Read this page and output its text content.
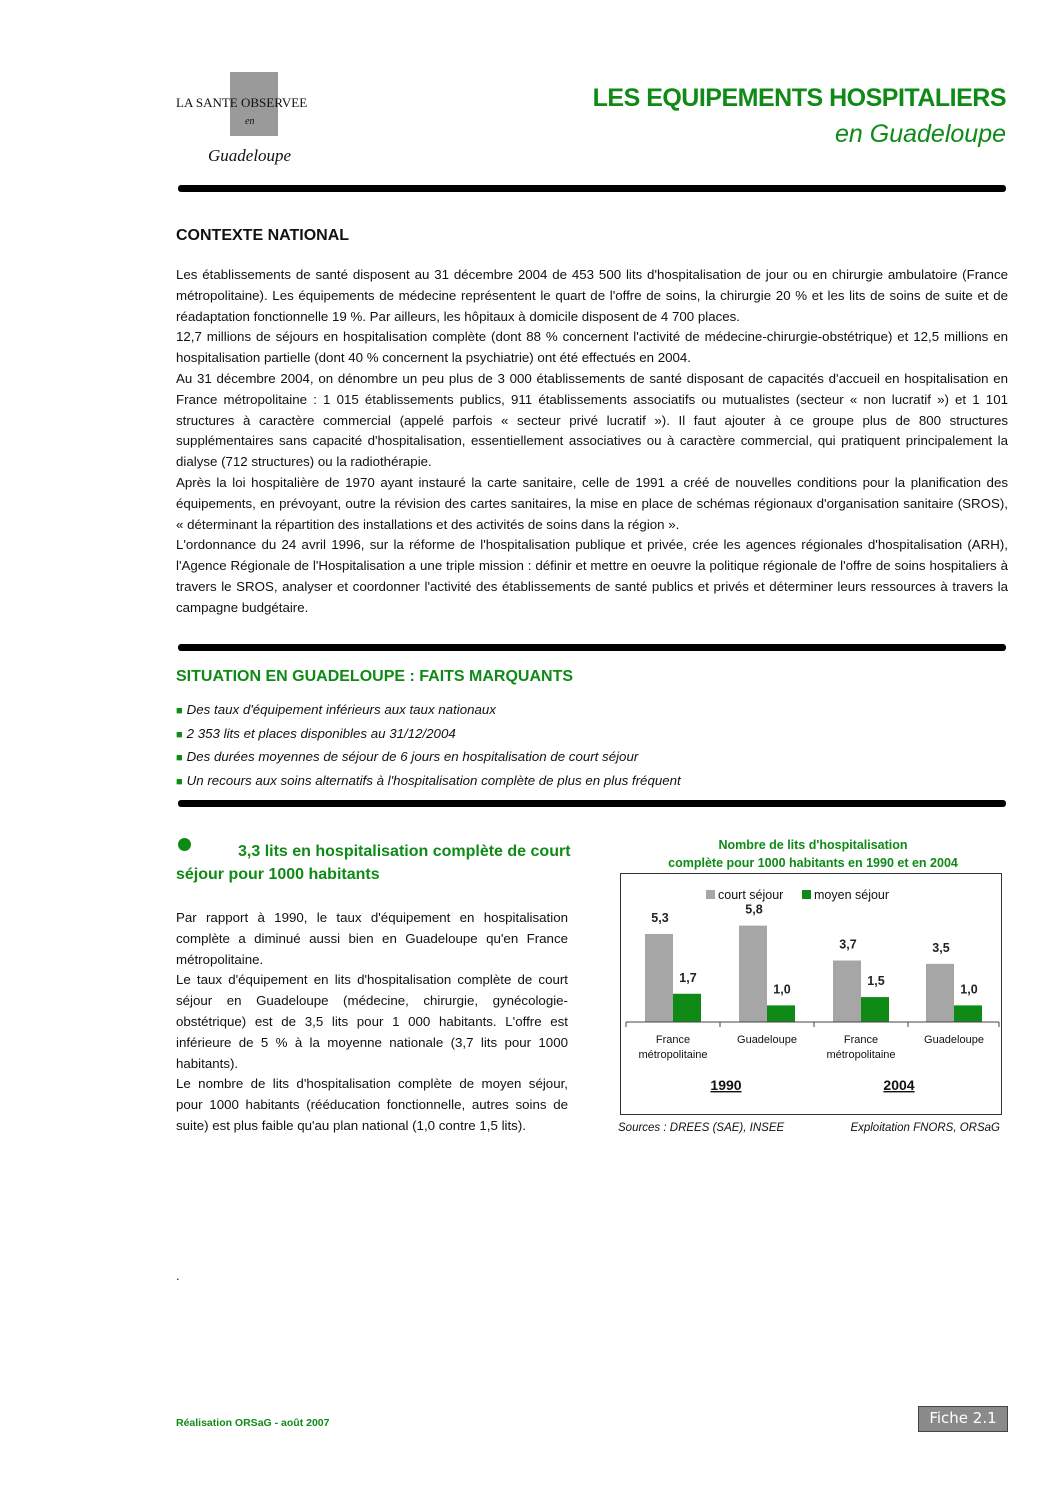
LA SANTE OBSERVEE
en
Guadeloupe
LES EQUIPEMENTS HOSPITALIERS
en Guadeloupe
CONTEXTE NATIONAL

Les établissements de santé disposent au 31 décembre 2004 de 453 500 lits d'hospitalisation de jour ou en chirurgie ambulatoire (France métropolitaine). Les équipements de médecine représentent le quart de l'offre de soins, la chirurgie 20 % et les lits de soins de suite et de réadaptation fonctionnelle 19 %. Par ailleurs, les hôpitaux à domicile disposent de 4 700 places.

12,7 millions de séjours en hospitalisation complète (dont 88 % concernent l'activité de médecine-chirurgie-obstétrique) et 12,5 millions en hospitalisation partielle (dont 40 % concernent la psychiatrie) ont été effectués en 2004.

Au 31 décembre 2004, on dénombre un peu plus de 3 000 établissements de santé disposant de capacités d'accueil en hospitalisation en France métropolitaine : 1 015 établissements publics, 911 établissements associatifs ou mutualistes (secteur « non lucratif ») et 1 101 structures à caractère commercial (appelé parfois « secteur privé lucratif »). Il faut ajouter à ce groupe plus de 800 structures supplémentaires sans capacité d'hospitalisation, essentiellement associatives ou à caractère commercial, qui pratiquent principalement la dialyse (712 structures) ou la radiothérapie.

Après la loi hospitalière de 1970 ayant instauré la carte sanitaire, celle de 1991 a créé de nouvelles conditions pour la planification des équipements, en prévoyant, outre la révision des cartes sanitaires, la mise en place de schémas régionaux d'organisation sanitaire (SROS), « déterminant la répartition des installations et des activités de soins dans la région ».

L'ordonnance du 24 avril 1996, sur la réforme de l'hospitalisation publique et privée, crée les agences régionales d'hospitalisation (ARH), l'Agence Régionale de l'Hospitalisation a une triple mission : définir et mettre en oeuvre la politique régionale de l'offre de soins hospitaliers à travers le SROS, analyser et coordonner l'activité des établissements de santé publics et privés et déterminer leurs ressources à travers la campagne budgétaire.

SITUATION EN GUADELOUPE : FAITS MARQUANTS
■ Des taux d'équipement inférieurs aux taux nationaux
■ 2 353 lits et places disponibles au 31/12/2004
■ Des durées moyennes de séjour de 6 jours en hospitalisation de court séjour
■ Un recours aux soins alternatifs à l'hospitalisation complète de plus en plus fréquent
3,3 lits en hospitalisation complète de court séjour pour 1000 habitants

Par rapport à 1990, le taux d'équipement en hospitalisation complète a diminué aussi bien en Guadeloupe qu'en France métropolitaine.

Le taux d'équipement en lits d'hospitalisation complète de court séjour en Guadeloupe (médecine, chirurgie, gynécologie-obstétrique) est de 3,5 lits pour 1 000 habitants. L'offre est inférieure de 5 % à la moyenne nationale (3,7 lits pour 1000 habitants).

Le nombre de lits d'hospitalisation complète de moyen séjour, pour 1000 habitants (rééducation fonctionnelle, autres soins de suite) est plus faible qu'au plan national (1,0 contre 1,5 lits).

Nombre de lits d'hospitalisation
complète pour 1000 habitants en 1990 et en 2004
court séjour moyen séjour
5,3
1,7
France
métropolitaine
5,8
1,0
Guadeloupe
3,7
1,5
France
métropolitaine
3,5
1,0
Guadeloupe
1990	2004
Sources : DREES (SAE), INSEE	Exploitation FNORS, ORSaG
.
Réalisation ORSaG - août 2007	Fiche 2.1
